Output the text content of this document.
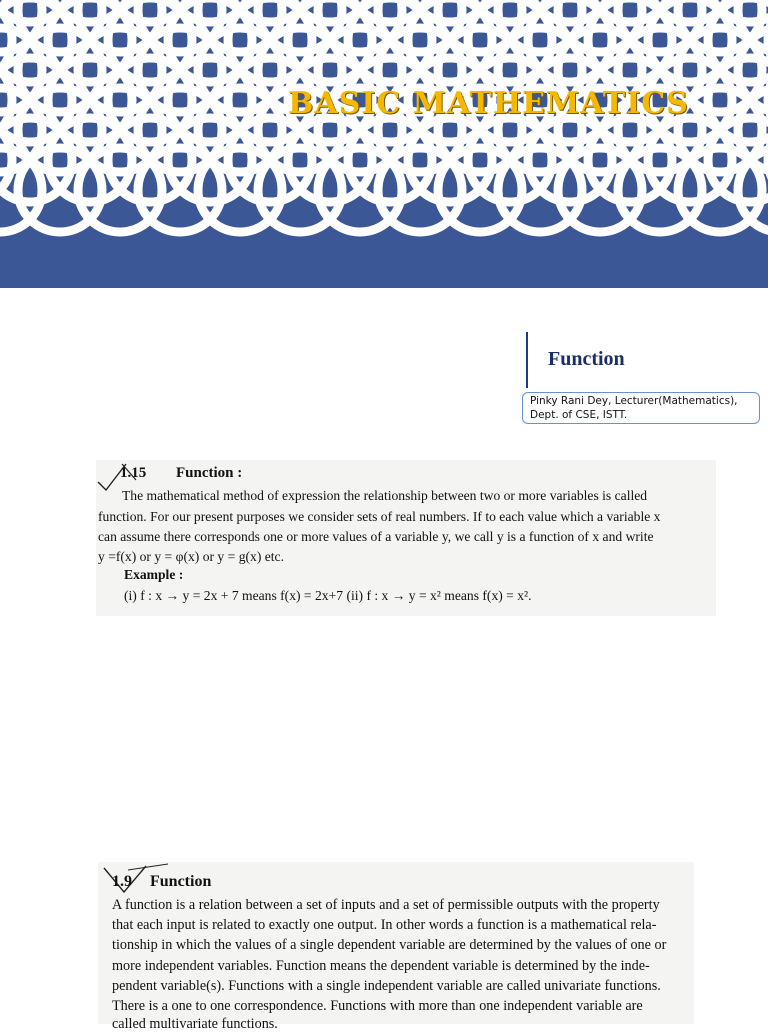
BASIC MATHEMATICS
Function
Pinky Rani Dey, Lecturer(Mathematics),
Dept. of CSE, ISTT.
1.15 Function :
The mathematical method of expression the relationship between two or more variables is called
function. For our present purposes we consider sets of real numbers. If to each value which a variable x
can assume there corresponds one or more values of a variable y, we call y is a function of x and write
y =f(x) or y = φ(x) or y = g(x) etc.
Example :
(i) f : x → y = 2x + 7 means f(x) = 2x+7 (ii) f : x → y = x² means f(x) = x².
1.9 Function
A function is a relation between a set of inputs and a set of permissible outputs with the property
that each input is related to exactly one output. In other words a function is a mathematical rela-
tionship in which the values of a single dependent variable are determined by the values of one or
more independent variables. Function means the dependent variable is determined by the inde-
pendent variable(s). Functions with a single independent variable are called univariate functions.
There is a one to one correspondence. Functions with more than one independent variable are
called multivariate functions.
